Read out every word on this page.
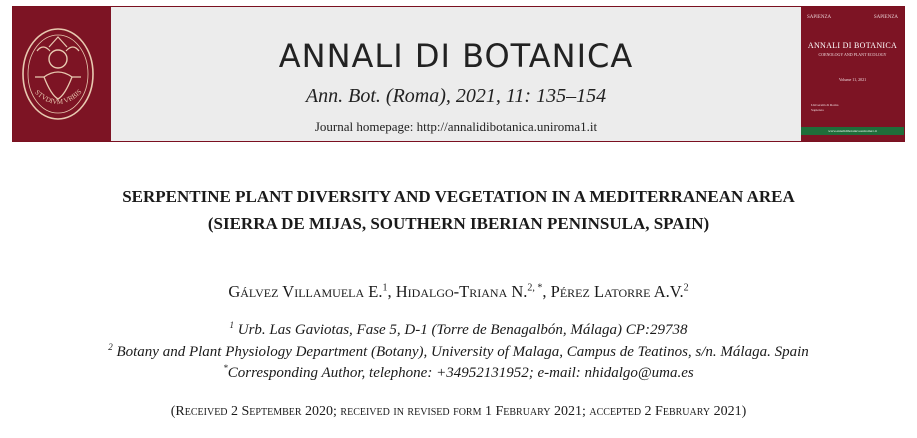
STVDIVM VRBIS
ANNALI DI BOTANICA
Ann. Bot. (Roma), 2021, 11: 135–154
Journal homepage: http://annalidibotanica.uniroma1.it
SAPIENZA	SAPIENZA
ANNALI DI BOTANICA
COENOLOGY AND PLANT ECOLOGY
Volume 11, 2021
Università di Roma
Sapienza
www.annalidibotanica.uniroma1.it
SERPENTINE PLANT DIVERSITY AND VEGETATION IN A MEDITERRANEAN AREA
(SIERRA DE MIJAS, SOUTHERN IBERIAN PENINSULA, SPAIN)
Gálvez Villamuela E.$^1$, Hidalgo-Triana N.$^{2, *}$, Pérez Latorre A.V.$^2$
$^1$ Urb. Las Gaviotas, Fase 5, D-1 (Torre de Benagalbón, Málaga) CP:29738
$^2$ Botany and Plant Physiology Department (Botany), University of Malaga, Campus de Teatinos, s/n. Málaga. Spain
*Corresponding Author, telephone: +34952131952; e-mail: nhidalgo@uma.es
(Received 2 September 2020; received in revised form 1 February 2021; accepted 2 February 2021)
